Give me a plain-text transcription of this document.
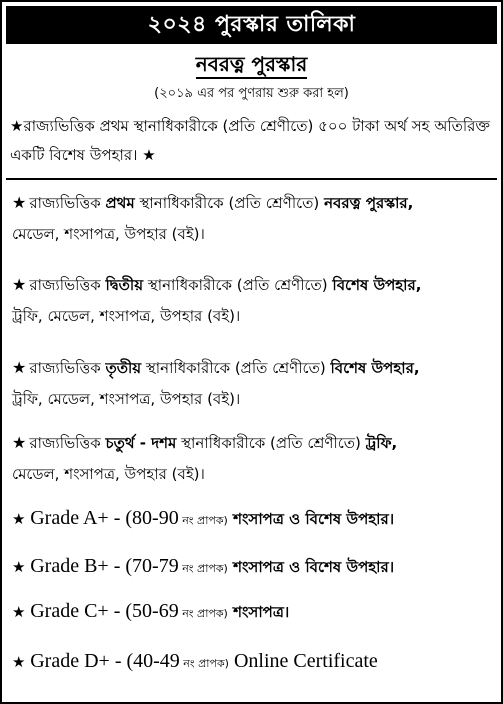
২০২৪ পুরস্কার তালিকা
নবরত্ন পুরস্কার
(২০১৯ এর পর পুণরায় শুরু করা হল)
★রাজ্যভিত্তিক প্রথম স্থানাধিকারীকে (প্রতি শ্রেণীতে) ৫০০ টাকা অর্থ সহ অতিরিক্ত একটি বিশেষ উপহার। ★
★ রাজ্যভিত্তিক প্রথম স্থানাধিকারীকে (প্রতি শ্রেণীতে) নবরত্ন পুরস্কার,
মেডেল, শংসাপত্র, উপহার (বই)।
★ রাজ্যভিত্তিক দ্বিতীয় স্থানাধিকারীকে (প্রতি শ্রেণীতে) বিশেষ উপহার,
ট্রফি, মেডেল, শংসাপত্র, উপহার (বই)।
★ রাজ্যভিত্তিক তৃতীয় স্থানাধিকারীকে (প্রতি শ্রেণীতে) বিশেষ উপহার,
ট্রফি, মেডেল, শংসাপত্র, উপহার (বই)।
★ রাজ্যভিত্তিক চতুর্থ - দশম স্থানাধিকারীকে (প্রতি শ্রেণীতে) ট্রফি,
মেডেল, শংসাপত্র, উপহার (বই)।
★ Grade A+ - (80-90 নং প্রাপক) শংসাপত্র ও বিশেষ উপহার।
★ Grade B+ - (70-79 নং প্রাপক) শংসাপত্র ও বিশেষ উপহার।
★ Grade C+ - (50-69 নং প্রাপক) শংসাপত্র।
★ Grade D+ - (40-49 নং প্রাপক) Online Certificate
